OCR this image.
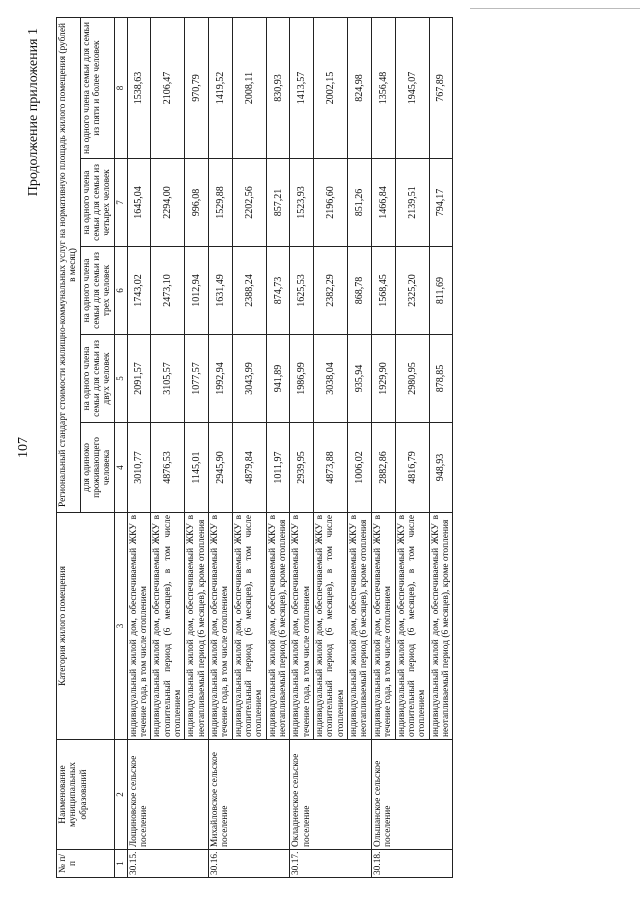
107
Продолжение приложения 1
№ п/п	Наименование муниципальных образований	Категория жилого помещения	Региональный стандарт стоимости жилищно-коммунальных услуг на нормативную площадь жилого помещения (рублей в месяц)				
			для одиноко проживающего человека	на одного члена семьи для семьи из двух человек	на одного члена семьи для семьи из трех человек	на одного члена семьи для семьи из четырех человек	на одного члена семьи для семьи из пяти и более человек
1	2	3	4	5	6	7	8
30.15.	Лощиновское сельское поселение	индивидуальный жилой дом, обеспечиваемый ЖКУ в течение года, в том числе отоплением	3010,77	2091,57	1743,02	1645,04	1538,63
		индивидуальный жилой дом, обеспечиваемый ЖКУ в отопительный период (6 месяцев), в том числе отоплением	4876,53	3105,57	2473,10	2294,00	2106,47
		индивидуальный жилой дом, обеспечиваемый ЖКУ в неотапливаемый период (6 месяцев), кроме отопления	1145,01	1077,57	1012,94	996,08	970,79
30.16.	Михайловское сельское поселение	индивидуальный жилой дом, обеспечиваемый ЖКУ в течение года, в том числе отоплением	2945,90	1992,94	1631,49	1529,88	1419,52
		индивидуальный жилой дом, обеспечиваемый ЖКУ в отопительный период (6 месяцев), в том числе отоплением	4879,84	3043,99	2388,24	2202,56	2008,11
		индивидуальный жилой дом, обеспечиваемый ЖКУ в неотапливаемый период (6 месяцев), кроме отопления	1011,97	941,89	874,73	857,21	830,93
30.17.	Окладненское сельское поселение	индивидуальный жилой дом, обеспечиваемый ЖКУ в течение года, в том числе отоплением	2939,95	1986,99	1625,53	1523,93	1413,57
		индивидуальный жилой дом, обеспечиваемый ЖКУ в отопительный период (6 месяцев), в том числе отоплением	4873,88	3038,04	2382,29	2196,60	2002,15
		индивидуальный жилой дом, обеспечиваемый ЖКУ в неотапливаемый период (6 месяцев), кроме отопления	1006,02	935,94	868,78	851,26	824,98
30.18.	Ольшанское сельское поселение	индивидуальный жилой дом, обеспечиваемый ЖКУ в течение года, в том числе отоплением	2882,86	1929,90	1568,45	1466,84	1356,48
		индивидуальный жилой дом, обеспечиваемый ЖКУ в отопительный период (6 месяцев), в том числе отоплением	4816,79	2980,95	2325,20	2139,51	1945,07
		индивидуальный жилой дом, обеспечиваемый ЖКУ в неотапливаемый период (6 месяцев), кроме отопления	948,93	878,85	811,69	794,17	767,89
